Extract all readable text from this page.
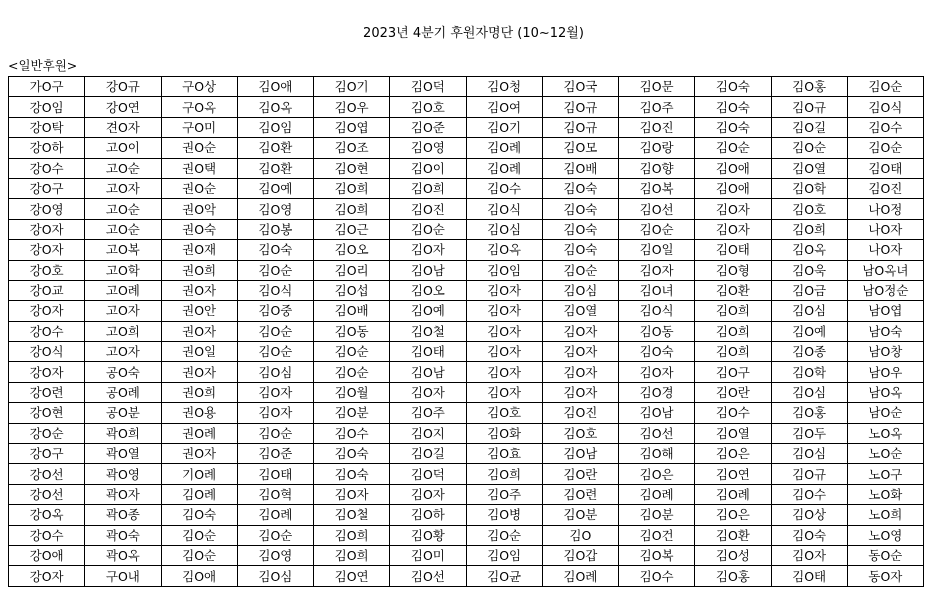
2023년 4분기 후원자명단 (10~12월)
<일반후원>
가O구	강O규	구O상	김O애	김O기	김O덕	김O청	김O국	김O문	김O숙	김O홍	김O순
강O임	강O연	구O옥	김O옥	김O우	김O호	김O여	김O규	김O주	김O숙	김O규	김O식
강O탁	견O자	구O미	김O임	김O엽	김O준	김O기	김O규	김O진	김O숙	김O길	김O수
강O하	고O이	권O순	김O환	김O조	김O영	김O례	김O모	김O랑	김O순	김O순	김O순
강O수	고O순	권O택	김O환	김O현	김O이	김O례	김O배	김O향	김O애	김O열	김O태
강O구	고O자	권O순	김O예	김O희	김O희	김O수	김O숙	김O복	김O애	김O학	김O진
강O영	고O순	권O악	김O영	김O희	김O진	김O식	김O숙	김O선	김O자	김O호	나O정
강O자	고O순	권O숙	김O봉	김O근	김O순	김O심	김O숙	김O순	김O자	김O희	나O자
강O자	고O복	권O재	김O숙	김O오	김O자	김O옥	김O숙	김O일	김O태	김O옥	나O자
강O호	고O학	권O희	김O순	김O리	김O남	김O임	김O순	김O자	김O형	김O욱	남O옥녀
강O교	고O례	권O자	김O식	김O섭	김O오	김O자	김O심	김O녀	김O환	김O금	남O정순
강O자	고O자	권O안	김O중	김O배	김O예	김O자	김O열	김O식	김O희	김O심	남O엽
강O수	고O희	권O자	김O순	김O동	김O철	김O자	김O자	김O동	김O희	김O예	남O숙
강O식	고O자	권O일	김O순	김O순	김O태	김O자	김O자	김O숙	김O희	김O종	남O창
강O자	공O숙	권O자	김O심	김O순	김O남	김O자	김O자	김O자	김O구	김O학	남O우
강O련	공O례	권O희	김O자	김O월	김O자	김O자	김O자	김O경	김O란	김O심	남O옥
강O현	공O분	권O용	김O자	김O분	김O주	김O호	김O진	김O남	김O수	김O홍	남O순
강O순	곽O희	권O례	김O순	김O수	김O지	김O화	김O호	김O선	김O열	김O두	노O옥
강O구	곽O열	권O자	김O준	김O숙	김O길	김O효	김O남	김O해	김O은	김O심	노O순
강O선	곽O영	기O례	김O태	김O숙	김O덕	김O희	김O란	김O은	김O연	김O규	노O구
강O선	곽O자	김O례	김O혁	김O자	김O자	김O주	김O련	김O례	김O례	김O수	노O화
강O옥	곽O종	김O숙	김O례	김O철	김O하	김O병	김O분	김O분	김O은	김O상	노O희
강O수	곽O숙	김O순	김O순	김O희	김O황	김O순	김O	김O건	김O환	김O숙	노O영
강O애	곽O옥	김O순	김O영	김O희	김O미	김O임	김O갑	김O복	김O성	김O자	동O순
강O자	구O내	김O애	김O심	김O연	김O선	김O균	김O례	김O수	김O홍	김O태	동O자
